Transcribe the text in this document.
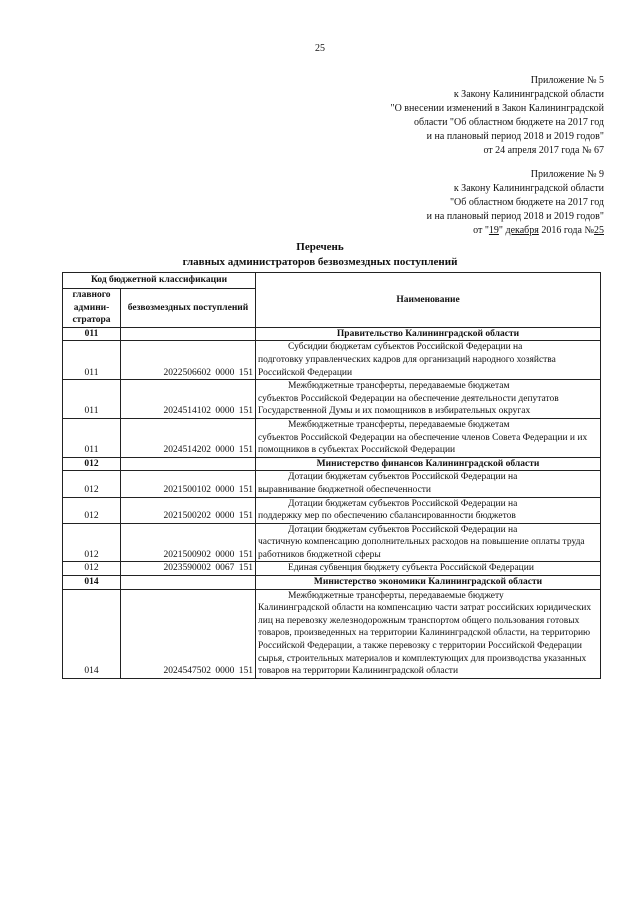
25
Приложение № 5
к Закону Калининградской области
"О внесении изменений в Закон Калининградской
области "Об областном бюджете на 2017 год
и на плановый период 2018 и 2019 годов"
от 24 апреля 2017 года № 67
Приложение № 9
к Закону Калининградской области
"Об областном бюджете на 2017 год
и на плановый период 2018 и 2019 годов"
от "19" декабря 2016 года №25
Перечень
главных администраторов безвозмездных поступлений
Код бюджетной классификации		Наименование
главного админи-стратора	безвозмездных поступлений	
011		Правительство Калининградской области
011	2022506602 0000 151	Субсидии бюджетам субъектов Российской Федерации на
подготовку управленческих кадров для организаций народного хозяйства Российской Федерации
011	2024514102 0000 151	Межбюджетные трансферты, передаваемые бюджетам
субъектов Российской Федерации на обеспечение деятельности депутатов Государственной Думы и их помощников в избирательных округах
011	2024514202 0000 151	Межбюджетные трансферты, передаваемые бюджетам
субъектов Российской Федерации на обеспечение членов Совета Федерации и их помощников в субъектах Российской Федерации
012		Министерство финансов Калининградской области
012	2021500102 0000 151	Дотации бюджетам субъектов Российской Федерации на
выравнивание бюджетной обеспеченности
012	2021500202 0000 151	Дотации бюджетам субъектов Российской Федерации на
поддержку мер по обеспечению сбалансированности бюджетов
012	2021500902 0000 151	Дотации бюджетам субъектов Российской Федерации на
частичную компенсацию дополнительных расходов на повышение оплаты труда работников бюджетной сферы
012	2023590002 0067 151	Единая субвенция бюджету субъекта Российской Федерации

014		Министерство экономики Калининградской области
014	2024547502 0000 151	Межбюджетные трансферты, передаваемые бюджету
Калининградской области на компенсацию части затрат российских юридических лиц на перевозку железнодорожным транспортом общего пользования готовых товаров, произведенных на территории Калининградской области, на территорию Российской Федерации, а также перевозку с территории Российской Федерации сырья, строительных материалов и комплектующих для производства указанных товаров на территории Калининградской области
